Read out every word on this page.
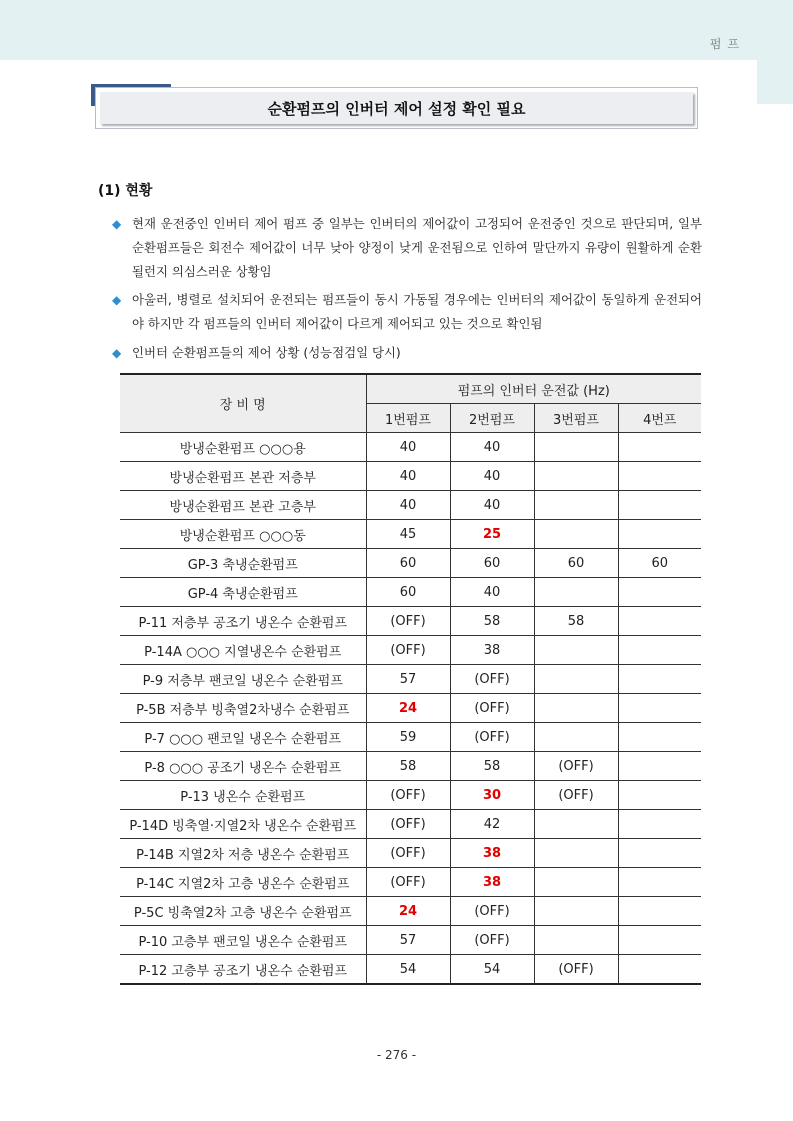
펌프
순환펌프의 인버터 제어 설정 확인 필요
(1) 현황
◆ 현재 운전중인 인버터 제어 펌프 중 일부는 인버터의 제어값이 고정되어 운전중인 것으로 판단되며, 일부 순환펌프들은 회전수 제어값이 너무 낮아 양정이 낮게 운전됨으로 인하여 말단까지 유량이 원활하게 순환될런지 의심스러운 상황임
◆ 아울러, 병렬로 설치되어 운전되는 펌프들이 동시 가동될 경우에는 인버터의 제어값이 동일하게 운전되어야 하지만 각 펌프들의 인버터 제어값이 다르게 제어되고 있는 것으로 확인됨
◆ 인버터 순환펌프들의 제어 상황 (성능점검일 당시)
장 비 명	펌프의 인버터 운전값 (Hz)			
	1번펌프	2번펌프	3번펌프	4번프
방냉순환펌프 ○○○용	40	40		
방냉순환펌프 본관 저층부	40	40		
방냉순환펌프 본관 고층부	40	40		
방냉순환펌프 ○○○동	45	25		
GP-3 축냉순환펌프	60	60	60	60
GP-4 축냉순환펌프	60	40		
P-11 저층부 공조기 냉온수 순환펌프	(OFF)	58	58	
P-14A ○○○ 지열냉온수 순환펌프	(OFF)	38		
P-9 저층부 팬코일 냉온수 순환펌프	57	(OFF)		
P-5B 저층부 빙축열2차냉수 순환펌프	24	(OFF)		
P-7 ○○○ 팬코일 냉온수 순환펌프	59	(OFF)		
P-8 ○○○ 공조기 냉온수 순환펌프	58	58	(OFF)	
P-13 냉온수 순환펌프	(OFF)	30	(OFF)	
P-14D 빙축열·지열2차 냉온수 순환펌프	(OFF)	42		
P-14B 지열2차 저층 냉온수 순환펌프	(OFF)	38		
P-14C 지열2차 고층 냉온수 순환펌프	(OFF)	38		
P-5C 빙축열2차 고층 냉온수 순환펌프	24	(OFF)		
P-10 고층부 팬코일 냉온수 순환펌프	57	(OFF)		
P-12 고층부 공조기 냉온수 순환펌프	54	54	(OFF)	
- 276 -
